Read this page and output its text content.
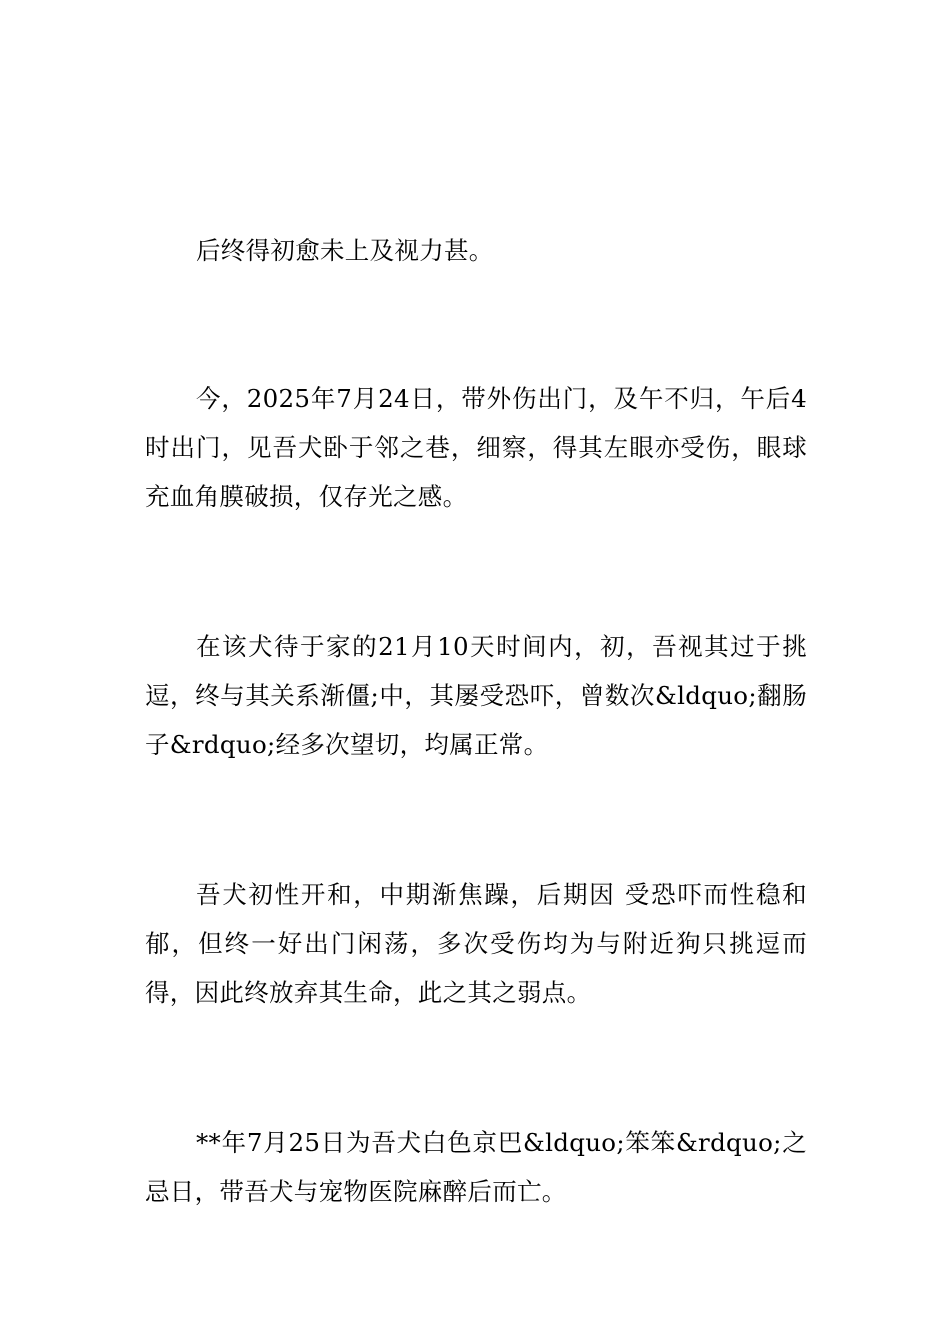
后终得初愈未上及视力甚。

今，2025年7月24日，带外伤出门，及午不归，午后4时出门，见吾犬卧于邻之巷，细察，得其左眼亦受伤，眼球充血角膜破损，仅存光之感。

在该犬待于家的21月10天时间内，初，吾视其过于挑逗，终与其关系渐僵;中，其屡受恐吓，曾数次&ldquo;翻肠子&rdquo;经多次望切，均属正常。

吾犬初性开和，中期渐焦躁，后期因 受恐吓而性稳和郁，但终一好出门闲荡，多次受伤均为与附近狗只挑逗而得，因此终放弃其生命，此之其之弱点。

**年7月25日为吾犬白色京巴&ldquo;笨笨&rdquo;之忌日，带吾犬与宠物医院麻醉后而亡。
